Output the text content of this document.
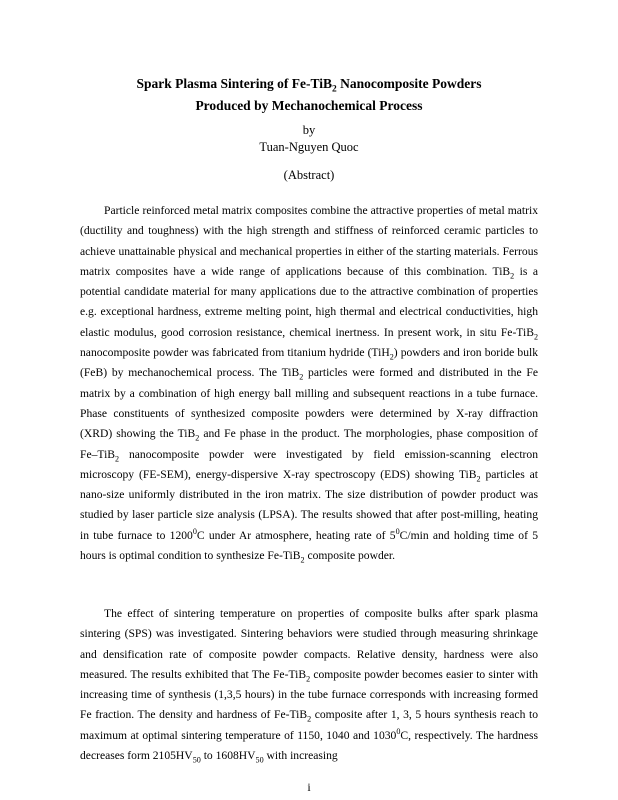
Spark Plasma Sintering of Fe-TiB$_2$ Nanocomposite Powders
Produced by Mechanochemical Process
by
Tuan-Nguyen Quoc
(Abstract)

Particle reinforced metal matrix composites combine the attractive properties of metal matrix (ductility and toughness) with the high strength and stiffness of reinforced ceramic particles to achieve unattainable physical and mechanical properties in either of the starting materials. Ferrous matrix composites have a wide range of applications because of this combination. TiB$_2$ is a potential candidate material for many applications due to the attractive combination of properties e.g. exceptional hardness, extreme melting point, high thermal and electrical conductivities, high elastic modulus, good corrosion resistance, chemical inertness. In present work, in situ Fe-TiB$_2$ nanocomposite powder was fabricated from titanium hydride (TiH$_2$) powders and iron boride bulk (FeB) by mechanochemical process. The TiB$_2$ particles were formed and distributed in the Fe matrix by a combination of high energy ball milling and subsequent reactions in a tube furnace. Phase constituents of synthesized composite powders were determined by X-ray diffraction (XRD) showing the TiB$_2$ and Fe phase in the product. The morphologies, phase composition of Fe–TiB$_2$ nanocomposite powder were investigated by field emission-scanning electron microscopy (FE-SEM), energy-dispersive X-ray spectroscopy (EDS) showing TiB$_2$ particles at nano-size uniformly distributed in the iron matrix. The size distribution of powder product was studied by laser particle size analysis (LPSA). The results showed that after post-milling, heating in tube furnace to 1200$^0$C under Ar atmosphere, heating rate of $5^0C/\min$ and holding time of 5 hours is optimal condition to synthesize Fe-TiB$_2$ composite powder.

The effect of sintering temperature on properties of composite bulks after spark plasma sintering (SPS) was investigated. Sintering behaviors were studied through measuring shrinkage and densification rate of composite powder compacts. Relative density, hardness were also measured. The results exhibited that The Fe-TiB$_2$ composite powder becomes easier to sinter with increasing time of synthesis (1,3,5 hours) in the tube furnace corresponds with increasing formed Fe fraction. The density and hardness of Fe-TiB$_2$ composite after 1, 3, 5 hours synthesis reach to maximum at optimal sintering temperature of 1150, 1040 and 1030$^0$C, respectively. The hardness decreases form $2105HV_{50}$ to $1608HV_{50}$ with increasing

i
